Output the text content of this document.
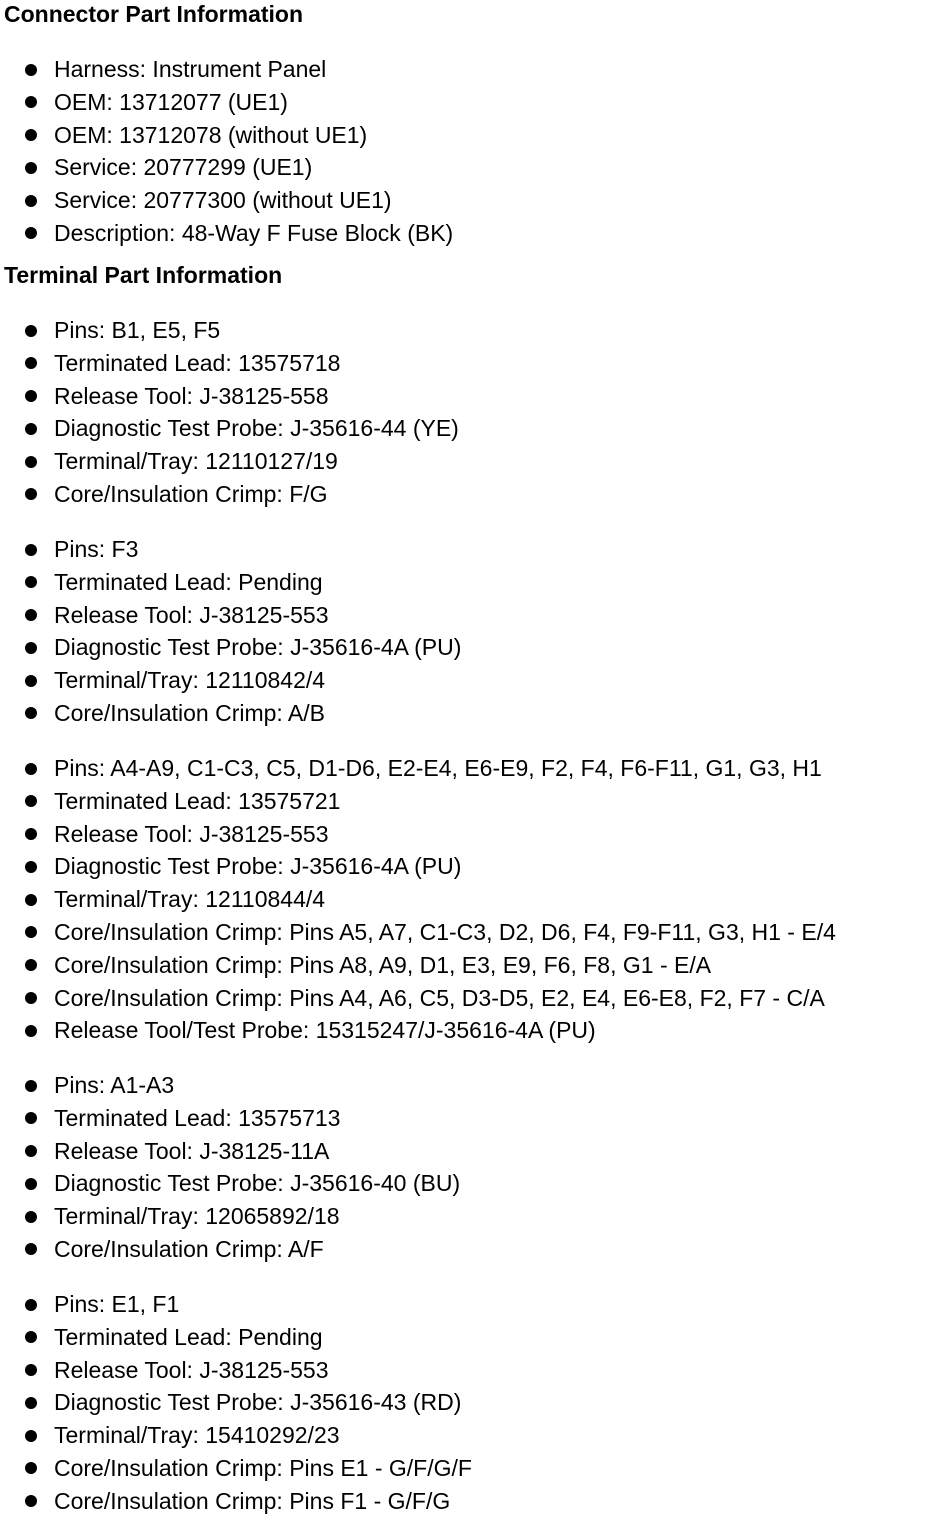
Connector Part Information
Harness: Instrument Panel
OEM: 13712077 (UE1)
OEM: 13712078 (without UE1)
Service: 20777299 (UE1)
Service: 20777300 (without UE1)
Description: 48-Way F Fuse Block (BK)
Terminal Part Information
Pins: B1, E5, F5
Terminated Lead: 13575718
Release Tool: J-38125-558
Diagnostic Test Probe: J-35616-44 (YE)
Terminal/Tray: 12110127/19
Core/Insulation Crimp: F/G
Pins: F3
Terminated Lead: Pending
Release Tool: J-38125-553
Diagnostic Test Probe: J-35616-4A (PU)
Terminal/Tray: 12110842/4
Core/Insulation Crimp: A/B
Pins: A4-A9, C1-C3, C5, D1-D6, E2-E4, E6-E9, F2, F4, F6-F11, G1, G3, H1
Terminated Lead: 13575721
Release Tool: J-38125-553
Diagnostic Test Probe: J-35616-4A (PU)
Terminal/Tray: 12110844/4
Core/Insulation Crimp: Pins A5, A7, C1-C3, D2, D6, F4, F9-F11, G3, H1 - E/4
Core/Insulation Crimp: Pins A8, A9, D1, E3, E9, F6, F8, G1 - E/A
Core/Insulation Crimp: Pins A4, A6, C5, D3-D5, E2, E4, E6-E8, F2, F7 - C/A
Release Tool/Test Probe: 15315247/J-35616-4A (PU)
Pins: A1-A3
Terminated Lead: 13575713
Release Tool: J-38125-11A
Diagnostic Test Probe: J-35616-40 (BU)
Terminal/Tray: 12065892/18
Core/Insulation Crimp: A/F
Pins: E1, F1
Terminated Lead: Pending
Release Tool: J-38125-553
Diagnostic Test Probe: J-35616-43 (RD)
Terminal/Tray: 15410292/23
Core/Insulation Crimp: Pins E1 - G/F/G/F
Core/Insulation Crimp: Pins F1 - G/F/G
